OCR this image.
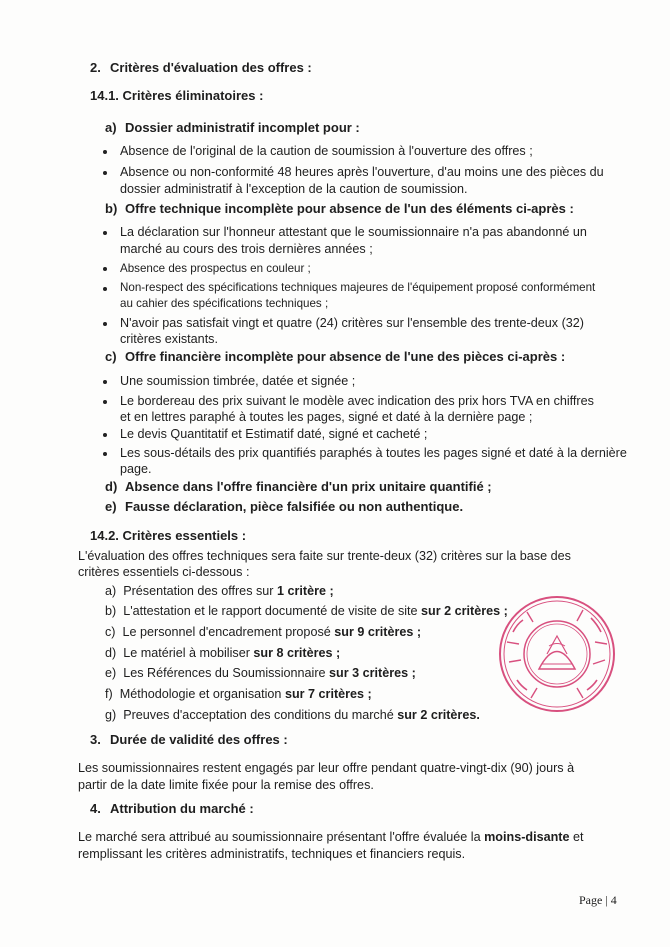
2. Critères d'évaluation des offres :
14.1. Critères éliminatoires :
a) Dossier administratif incomplet pour :
Absence de l'original de la caution de soumission à l'ouverture des offres ;
Absence ou non-conformité 48 heures après l'ouverture, d'au moins une des pièces du
dossier administratif à l'exception de la caution de soumission.
b) Offre technique incomplète pour absence de l'un des éléments ci-après :
La déclaration sur l'honneur attestant que le soumissionnaire n'a pas abandonné un
marché au cours des trois dernières années ;
Absence des prospectus en couleur ;
Non-respect des spécifications techniques majeures de l'équipement proposé conformément
au cahier des spécifications techniques ;
N'avoir pas satisfait vingt et quatre (24) critères sur l'ensemble des trente-deux (32)
critères existants.
c) Offre financière incomplète pour absence de l'une des pièces ci-après :
Une soumission timbrée, datée et signée ;
Le bordereau des prix suivant le modèle avec indication des prix hors TVA en chiffres
et en lettres paraphé à toutes les pages, signé et daté à la dernière page ;
Le devis Quantitatif et Estimatif daté, signé et cacheté ;
Les sous-détails des prix quantifiés paraphés à toutes les pages signé et daté à la dernière
page.
d) Absence dans l'offre financière d'un prix unitaire quantifié ;
e) Fausse déclaration, pièce falsifiée ou non authentique.
14.2. Critères essentiels :
L'évaluation des offres techniques sera faite sur trente-deux (32) critères sur la base des
critères essentiels ci-dessous :
a) Présentation des offres sur 1 critère ;
b) L'attestation et le rapport documenté de visite de site sur 2 critères ;
c) Le personnel d'encadrement proposé sur 9 critères ;
d) Le matériel à mobiliser sur 8 critères ;
e) Les Références du Soumissionnaire sur 3 critères ;
f) Méthodologie et organisation sur 7 critères ;
g) Preuves d'acceptation des conditions du marché sur 2 critères.
3. Durée de validité des offres :
Les soumissionnaires restent engagés par leur offre pendant quatre-vingt-dix (90) jours à
partir de la date limite fixée pour la remise des offres.
4. Attribution du marché :
Le marché sera attribué au soumissionnaire présentant l'offre évaluée la moins-disante et
remplissant les critères administratifs, techniques et financiers requis.
Page | 4
